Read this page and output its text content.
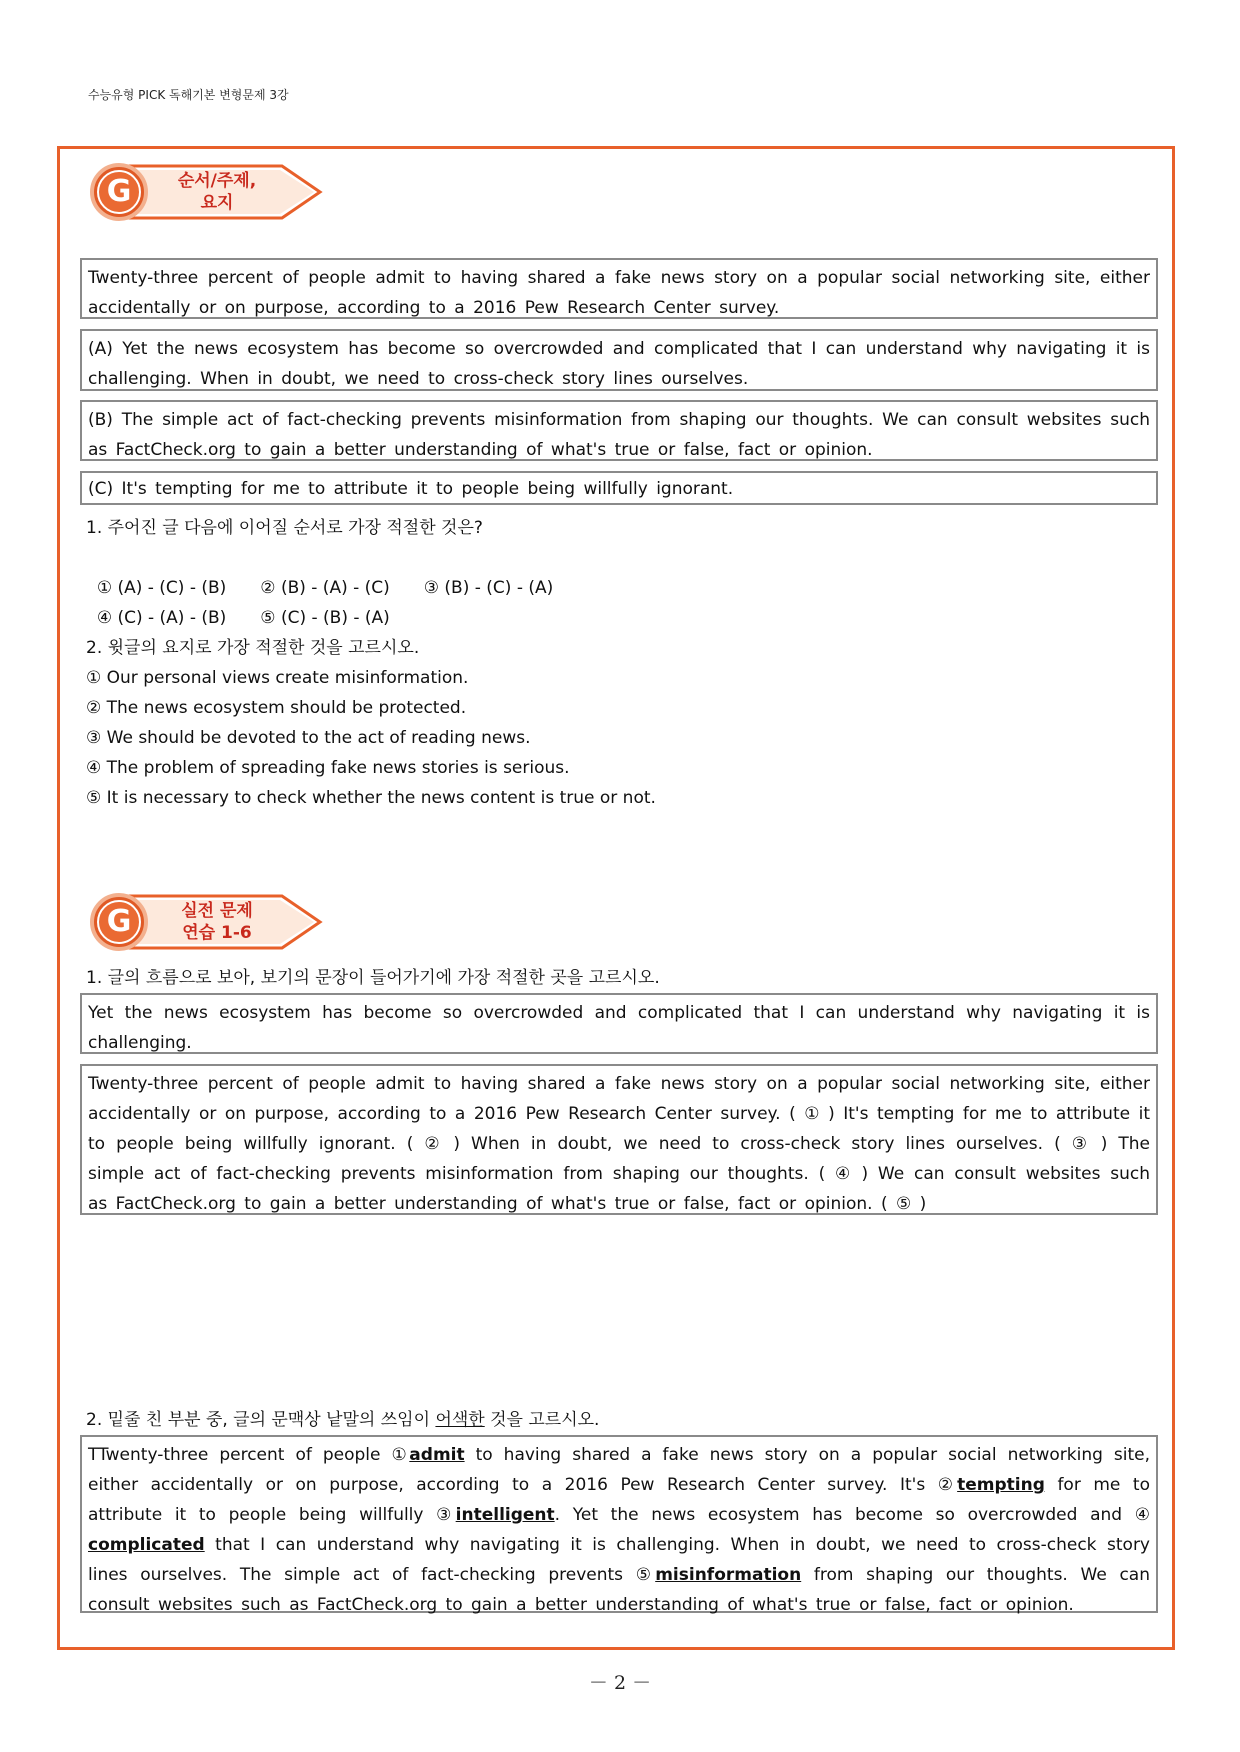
수능유형 PICK 독해기본 변형문제 3강
G	순서/주제,
요지
Twenty-three percent of people admit to having shared a fake news story on a popular social networking site, either accidentally or on purpose, according to a 2016 Pew Research Center survey.
(A) Yet the news ecosystem has become so overcrowded and complicated that I can understand why navigating it is challenging. When in doubt, we need to cross-check story lines ourselves.
(B) The simple act of fact-checking prevents misinformation from shaping our thoughts. We can consult websites such as FactCheck.org to gain a better understanding of what's true or false, fact or opinion.
(C) It's tempting for me to attribute it to people being willfully ignorant.
1. 주어진 글 다음에 이어질 순서로 가장 적절한 것은?

① (A) - (C) - (B) ② (B) - (A) - (C) ③ (B) - (C) - (A)

④ (C) - (A) - (B) ⑤ (C) - (B) - (A)

2. 윗글의 요지로 가장 적절한 것을 고르시오.
① Our personal views create misinformation.
② The news ecosystem should be protected.
③ We should be devoted to the act of reading news.
④ The problem of spreading fake news stories is serious.
⑤ It is necessary to check whether the news content is true or not.
G	실전 문제
연습 1-6
1. 글의 흐름으로 보아, 보기의 문장이 들어가기에 가장 적절한 곳을 고르시오.
Yet the news ecosystem has become so overcrowded and complicated that I can understand why navigating it is challenging.
Twenty-three percent of people admit to having shared a fake news story on a popular social networking site, either accidentally or on purpose, according to a 2016 Pew Research Center survey. ( ① ) It's tempting for me to attribute it to people being willfully ignorant. ( ② ) When in doubt, we need to cross-check story lines ourselves. ( ③ ) The simple act of fact-checking prevents misinformation from shaping our thoughts. ( ④ ) We can consult websites such as FactCheck.org to gain a better understanding of what's true or false, fact or opinion. ( ⑤ )
2. 밑줄 친 부분 중, 글의 문맥상 낱말의 쓰임이 어색한 것을 고르시오.
TTwenty-three percent of people ①admit to having shared a fake news story on a popular social networking site, either accidentally or on purpose, according to a 2016 Pew Research Center survey. It's ②tempting for me to attribute it to people being willfully ③intelligent. Yet the news ecosystem has become so overcrowded and ④ complicated that I can understand why navigating it is challenging. When in doubt, we need to cross-check story lines ourselves. The simple act of fact-checking prevents ⑤misinformation from shaping our thoughts. We can consult websites such as FactCheck.org to gain a better understanding of what's true or false, fact or opinion.
－ 2 －
